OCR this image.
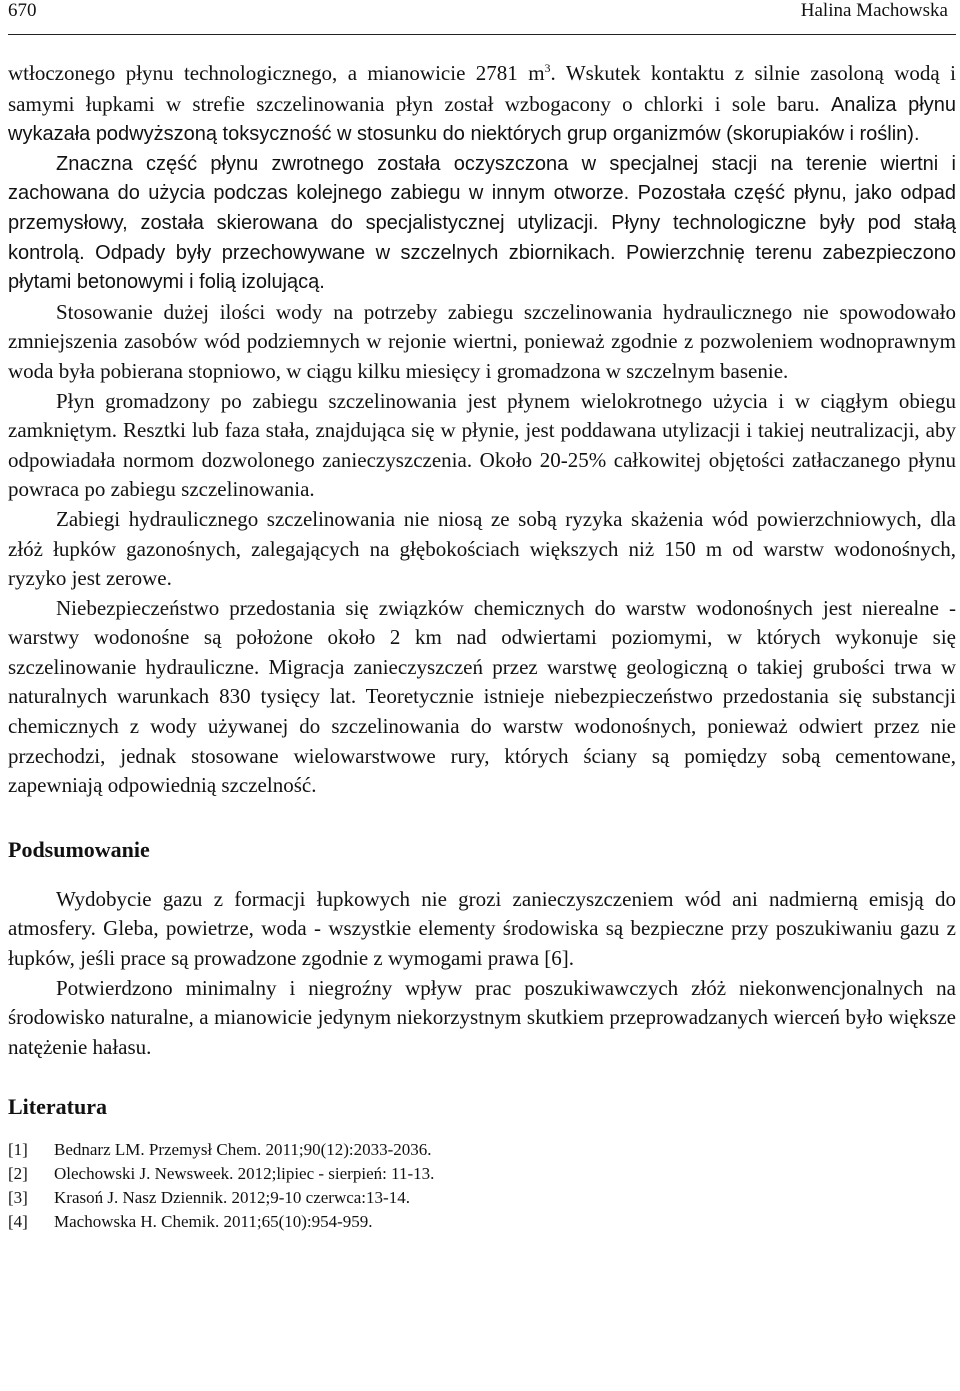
670	Halina Machowska

wtłoczonego płynu technologicznego, a mianowicie 2781 $m^3$. Wskutek kontaktu z silnie zasoloną wodą i samymi łupkami w strefie szczelinowania płyn został wzbogacony o chlorki i sole baru. Analiza płynu wykazała podwyższoną toksyczność w stosunku do niektórych grup organizmów (skorupiaków i roślin).

Znaczna część płynu zwrotnego została oczyszczona w specjalnej stacji na terenie wiertni i zachowana do użycia podczas kolejnego zabiegu w innym otworze. Pozostała część płynu, jako odpad przemysłowy, została skierowana do specjalistycznej utylizacji. Płyny technologiczne były pod stałą kontrolą. Odpady były przechowywane w szczelnych zbiornikach. Powierzchnię terenu zabezpieczono płytami betonowymi i folią izolującą.

Stosowanie dużej ilości wody na potrzeby zabiegu szczelinowania hydraulicznego nie spowodowało zmniejszenia zasobów wód podziemnych w rejonie wiertni, ponieważ zgodnie z pozwoleniem wodnoprawnym woda była pobierana stopniowo, w ciągu kilku miesięcy i gromadzona w szczelnym basenie.

Płyn gromadzony po zabiegu szczelinowania jest płynem wielokrotnego użycia i w ciągłym obiegu zamkniętym. Resztki lub faza stała, znajdująca się w płynie, jest poddawana utylizacji i takiej neutralizacji, aby odpowiadała normom dozwolonego zanieczyszczenia. Około 20-25% całkowitej objętości zatłaczanego płynu powraca po zabiegu szczelinowania.

Zabiegi hydraulicznego szczelinowania nie niosą ze sobą ryzyka skażenia wód powierzchniowych, dla złóż łupków gazonośnych, zalegających na głębokościach większych niż 150 m od warstw wodonośnych, ryzyko jest zerowe.

Niebezpieczeństwo przedostania się związków chemicznych do warstw wodonośnych jest nierealne - warstwy wodonośne są położone około 2 km nad odwiertami poziomymi, w których wykonuje się szczelinowanie hydrauliczne. Migracja zanieczyszczeń przez warstwę geologiczną o takiej grubości trwa w naturalnych warunkach 830 tysięcy lat. Teoretycznie istnieje niebezpieczeństwo przedostania się substancji chemicznych z wody używanej do szczelinowania do warstw wodonośnych, ponieważ odwiert przez nie przechodzi, jednak stosowane wielowarstwowe rury, których ściany są pomiędzy sobą cementowane, zapewniają odpowiednią szczelność.

Podsumowanie

Wydobycie gazu z formacji łupkowych nie grozi zanieczyszczeniem wód ani nadmierną emisją do atmosfery. Gleba, powietrze, woda - wszystkie elementy środowiska są bezpieczne przy poszukiwaniu gazu z łupków, jeśli prace są prowadzone zgodnie z wymogami prawa [6].

Potwierdzono minimalny i niegroźny wpływ prac poszukiwawczych złóż niekonwencjonalnych na środowisko naturalne, a mianowicie jedynym niekorzystnym skutkiem przeprowadzanych wierceń było większe natężenie hałasu.

Literatura
[1]	Bednarz LM. Przemysł Chem. 2011;90(12):2033-2036.
[2]	Olechowski J. Newsweek. 2012;lipiec - sierpień: 11-13.
[3]	Krasoń J. Nasz Dziennik. 2012;9-10 czerwca:13-14.
[4]	Machowska H. Chemik. 2011;65(10):954-959.
